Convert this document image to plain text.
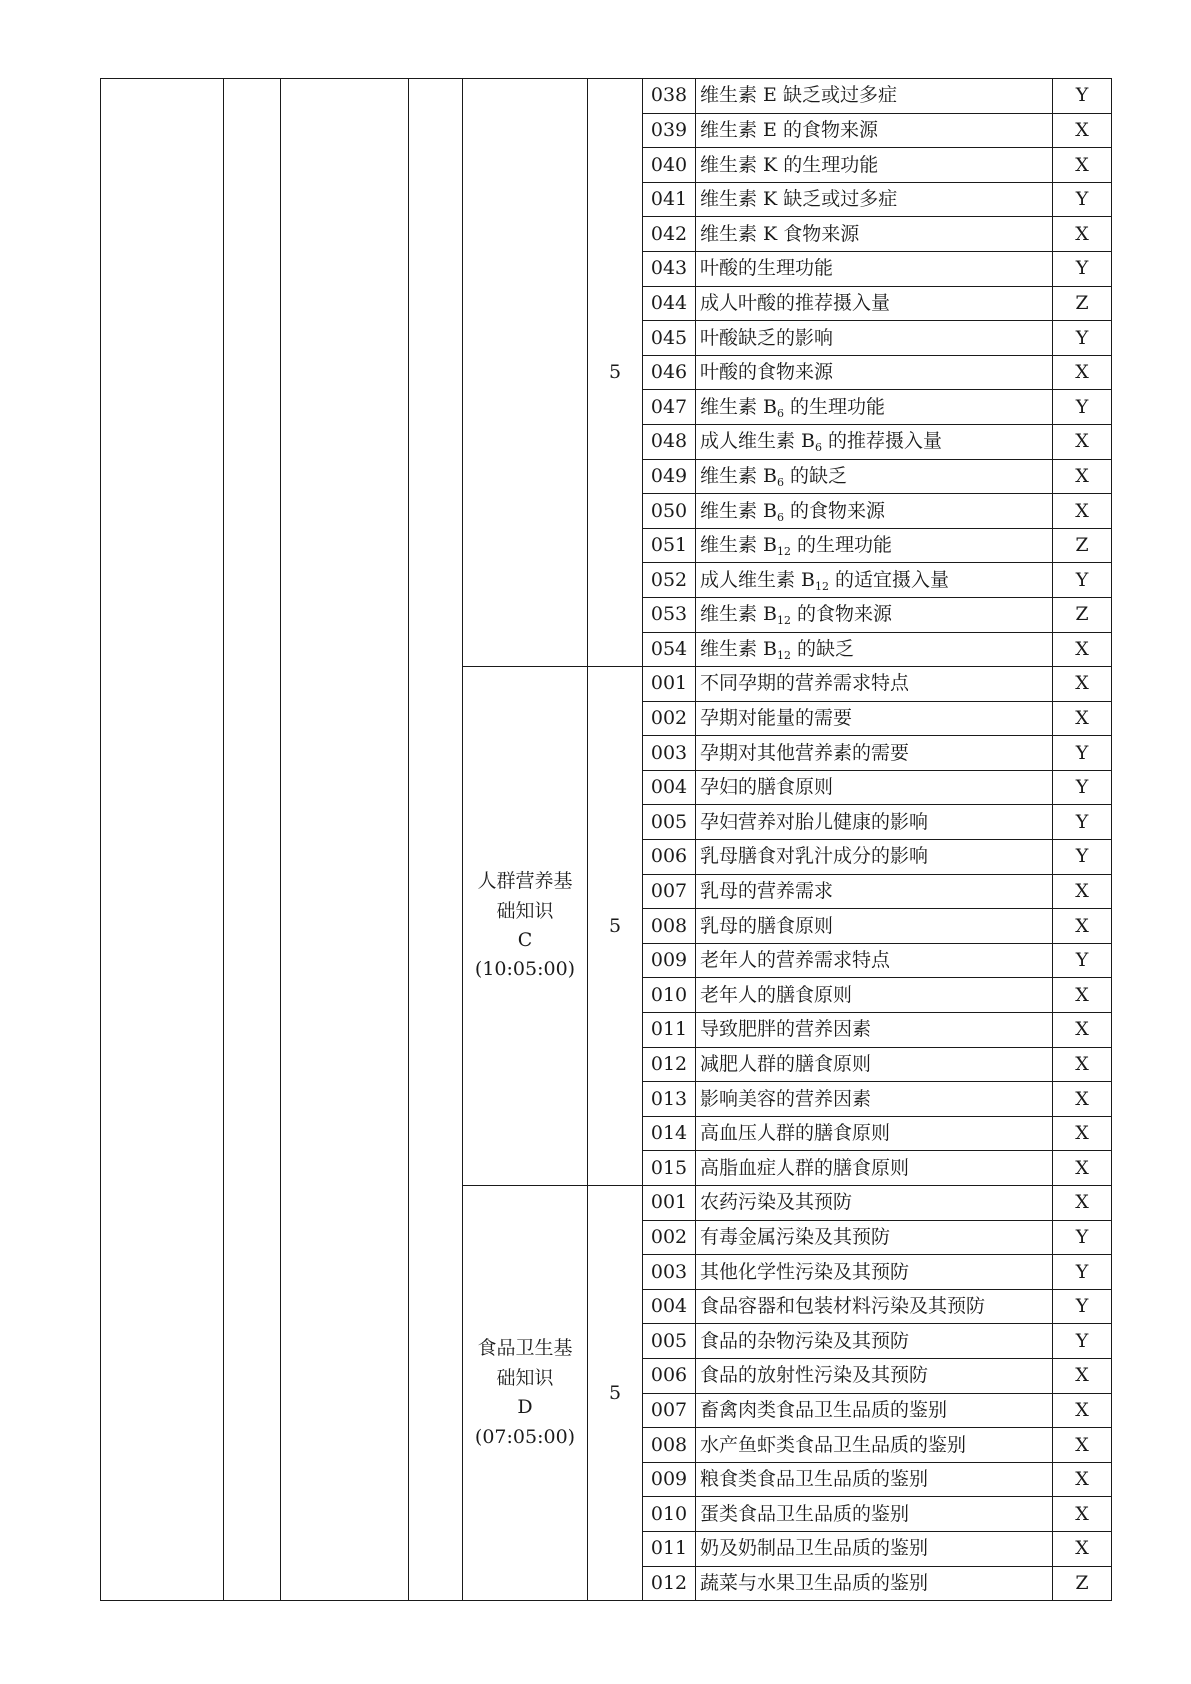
					5	038	维生素 E 缺乏或过多症	Y
						039	维生素 E 的食物来源	X
						040	维生素 K 的生理功能	X
						041	维生素 K 缺乏或过多症	Y
						042	维生素 K 食物来源	X
						043	叶酸的生理功能	Y
						044	成人叶酸的推荐摄入量	Z
						045	叶酸缺乏的影响	Y
						046	叶酸的食物来源	X
						047	维生素 $B_6$ 的生理功能	Y
						048	成人维生素 $B_6$ 的推荐摄入量	X
						049	维生素 $B_6$ 的缺乏	X
						050	维生素 $B_6$ 的食物来源	X
						051	维生素 $B_{12}$ 的生理功能	Z
						052	成人维生素 $B_{12}$ 的适宜摄入量	Y
						053	维生素 $B_{12}$ 的食物来源	Z
						054	维生素 $B_{12}$ 的缺乏	X

				人群营养基
础知识
C
(10:05:00)	5	001	不同孕期的营养需求特点	X
						002	孕期对能量的需要	X
						003	孕期对其他营养素的需要	Y
						004	孕妇的膳食原则	Y
						005	孕妇营养对胎儿健康的影响	Y
						006	乳母膳食对乳汁成分的影响	Y
						007	乳母的营养需求	X
						008	乳母的膳食原则	X
						009	老年人的营养需求特点	Y
						010	老年人的膳食原则	X
						011	导致肥胖的营养因素	X
						012	减肥人群的膳食原则	X
						013	影响美容的营养因素	X
						014	高血压人群的膳食原则	X
						015	高脂血症人群的膳食原则	X

				食品卫生基
础知识
D
(07:05:00)	5	001	农药污染及其预防	X
						002	有毒金属污染及其预防	Y
						003	其他化学性污染及其预防	Y
						004	食品容器和包装材料污染及其预防	Y
						005	食品的杂物污染及其预防	Y
						006	食品的放射性污染及其预防	X
						007	畜禽肉类食品卫生品质的鉴别	X
						008	水产鱼虾类食品卫生品质的鉴别	X
						009	粮食类食品卫生品质的鉴别	X
						010	蛋类食品卫生品质的鉴别	X
						011	奶及奶制品卫生品质的鉴别	X
						012	蔬菜与水果卫生品质的鉴别	Z
